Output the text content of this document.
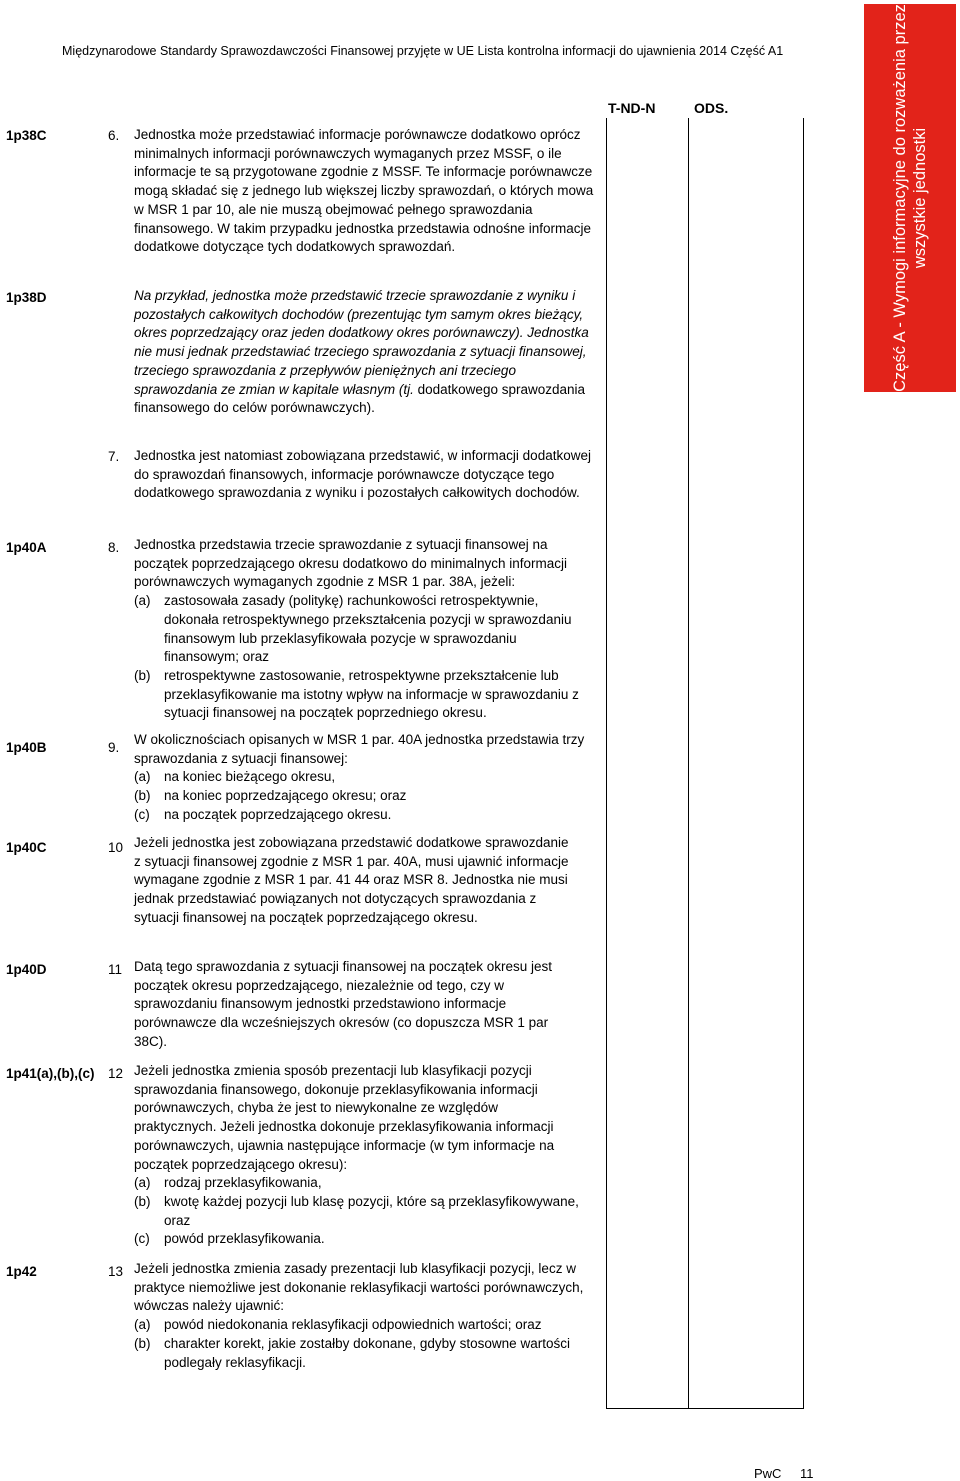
Międzynarodowe Standardy Sprawozdawczości Finansowej przyjęte w UE Lista kontrolna informacji do ujawnienia 2014 Część A1
T-ND-N	ODS.	Część A - Wymogi informacyjne do rozważenia przez wszystkie jednostki
1p38C	6. Jednostka może przedstawiać informacje porównawcze dodatkowo oprócz minimalnych informacji porównawczych wymaganych przez MSSF, o ile informacje te są przygotowane zgodnie z MSSF. Te informacje porównawcze mogą składać się z jednego lub większej liczby sprawozdań, o których mowa w MSR 1 par 10, ale nie muszą obejmować pełnego sprawozdania finansowego. W takim przypadku jednostka przedstawia odnośne informacje dodatkowe dotyczące tych dodatkowych sprawozdań.
1p38D	Na przykład, jednostka może przedstawić trzecie sprawozdanie z wyniku i pozostałych całkowitych dochodów (prezentując tym samym okres bieżący, okres poprzedzający oraz jeden dodatkowy okres porównawczy). Jednostka nie musi jednak przedstawiać trzeciego sprawozdania z sytuacji finansowej, trzeciego sprawozdania z przepływów pieniężnych ani trzeciego sprawozdania ze zmian w kapitale własnym (tj. dodatkowego sprawozdania finansowego do celów porównawczych).
7. Jednostka jest natomiast zobowiązana przedstawić, w informacji dodatkowej do sprawozdań finansowych, informacje porównawcze dotyczące tego dodatkowego sprawozdania z wyniku i pozostałych całkowitych dochodów.
1p40A	8. Jednostka przedstawia trzecie sprawozdanie z sytuacji finansowej na początek poprzedzającego okresu dodatkowo do minimalnych informacji porównawczych wymaganych zgodnie z MSR 1 par. 38A, jeżeli:
(a) zastosowała zasady (politykę) rachunkowości retrospektywnie, dokonała retrospektywnego przekształcenia pozycji w sprawozdaniu finansowym lub przeklasyfikowała pozycje w sprawozdaniu finansowym; oraz
(b) retrospektywne zastosowanie, retrospektywne przekształcenie lub przeklasyfikowanie ma istotny wpływ na informacje w sprawozdaniu z sytuacji finansowej na początek poprzedniego okresu.
1p40B	9.
W okolicznościach opisanych w MSR 1 par. 40A jednostka przedstawia trzy sprawozdania z sytuacji finansowej:
(a) na koniec bieżącego okresu,
(b) na koniec poprzedzającego okresu; oraz
(c) na początek poprzedzającego okresu.
1p40C	10 Jeżeli jednostka jest zobowiązana przedstawić dodatkowe sprawozdanie z sytuacji finansowej zgodnie z MSR 1 par. 40A, musi ujawnić informacje wymagane zgodnie z MSR 1 par. 41 44 oraz MSR 8. Jednostka nie musi jednak przedstawiać powiązanych not dotyczących sprawozdania z sytuacji finansowej na początek poprzedzającego okresu.
1p40D	11 Datą tego sprawozdania z sytuacji finansowej na początek okresu jest początek okresu poprzedzającego, niezależnie od tego, czy w sprawozdaniu finansowym jednostki przedstawiono informacje porównawcze dla wcześniejszych okresów (co dopuszcza MSR 1 par 38C).
1p41(a),(b),(c) 12 Jeżeli jednostka zmienia sposób prezentacji lub klasyfikacji pozycji sprawozdania finansowego, dokonuje przeklasyfikowania informacji porównawczych, chyba że jest to niewykonalne ze względów praktycznych. Jeżeli jednostka dokonuje przeklasyfikowania informacji porównawczych, ujawnia następujące informacje (w tym informacje na początek poprzedzającego okresu):
(a) rodzaj przeklasyfikowania,
(b) kwotę każdej pozycji lub klasę pozycji, które są przeklasyfikowywane, oraz
(c) powód przeklasyfikowania.
1p42	13 Jeżeli jednostka zmienia zasady prezentacji lub klasyfikacji pozycji, lecz w praktyce niemożliwe jest dokonanie reklasyfikacji wartości porównawczych, wówczas należy ujawnić:
(a) powód niedokonania reklasyfikacji odpowiednich wartości; oraz
(b) charakter korekt, jakie zostałby dokonane, gdyby stosowne wartości podlegały reklasyfikacji.
PwC 11
